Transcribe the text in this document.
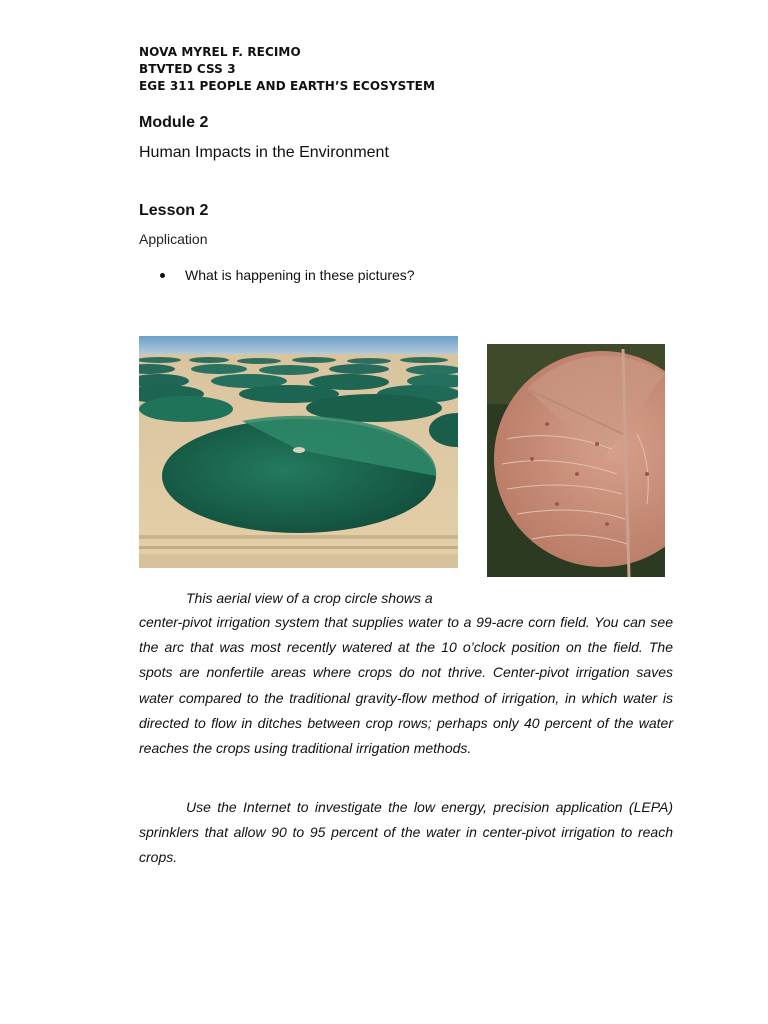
NOVA MYREL F. RECIMO
BTVTED CSS 3
EGE 311 PEOPLE AND EARTH’S ECOSYSTEM
Module 2
Human Impacts in the Environment
Lesson 2
Application
What is happening in these pictures?
This aerial view of a crop circle shows a
center-pivot irrigation system that supplies water to a 99-acre corn field. You can see the arc that was most recently watered at the 10 o’clock position on the field. The spots are nonfertile areas where crops do not thrive. Center-pivot irrigation saves water compared to the traditional gravity-flow method of irrigation, in which water is directed to flow in ditches between crop rows; perhaps only 40 percent of the water reaches the crops using traditional irrigation methods.
Use the Internet to investigate the low energy, precision application (LEPA) sprinklers that allow 90 to 95 percent of the water in center-pivot irrigation to reach crops.
